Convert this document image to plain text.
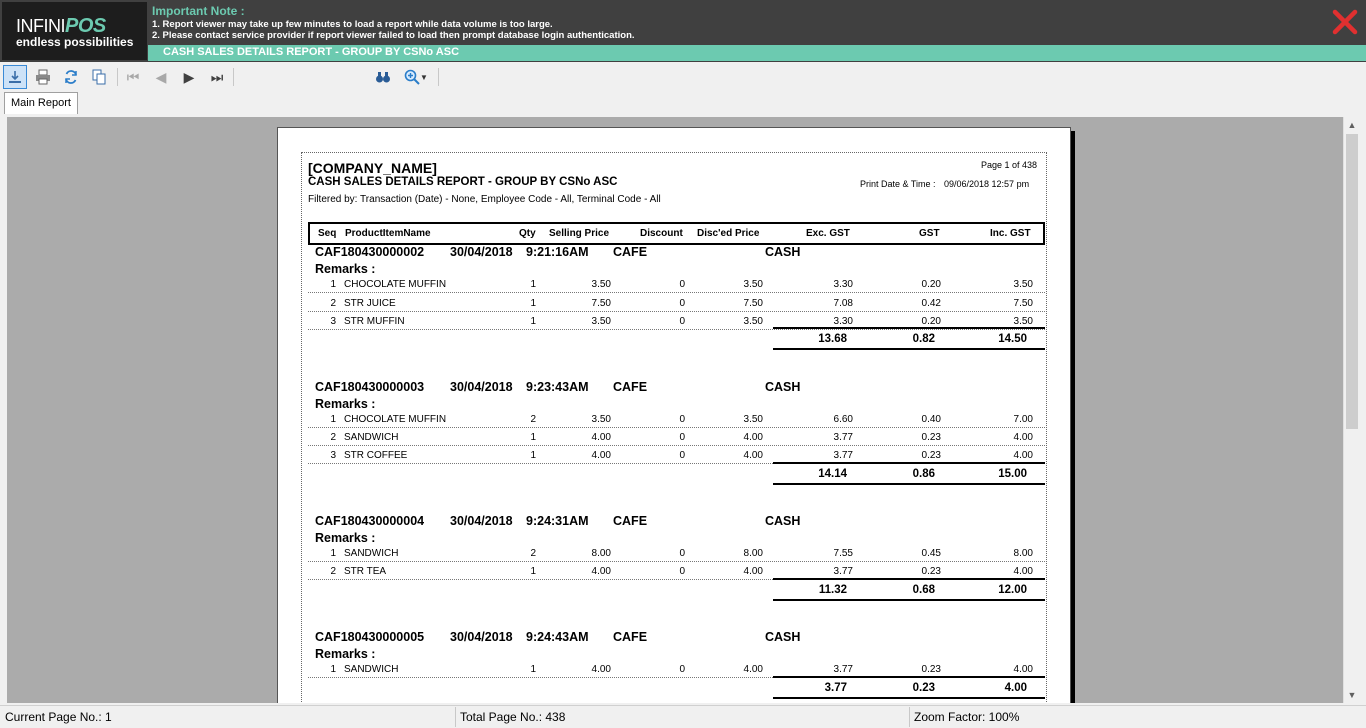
INFINIPOS
endless possibilities
Important Note :
1. Report viewer may take up few minutes to load a report while data volume is too large.
2. Please contact service provider if report viewer failed to load then prompt database login authentication.
CASH SALES DETAILS REPORT - GROUP BY CSNo ASC
⏮ ◀ ▶ ⏭
1	▼
Main Report
[COMPANY_NAME]
CASH SALES DETAILS REPORT - GROUP BY CSNo ASC
Filtered by: Transaction (Date) - None, Employee Code - All, Terminal Code - All
Page 1 of 438
Print Date & Time : 09/06/2018 12:57 pm
Seq ProductItemName	Qty Selling Price	Discount Disc'ed Price	Exc. GST	GST	Inc. GST
CAF180430000002 30/04/2018 9:21:16AM CAFE	CASH
Remarks :
1 CHOCOLATE MUFFIN	1	3.50	0	3.50	3.30	0.20	3.50
2 STR JUICE	1	7.50	0	7.50	7.08	0.42	7.50
3 STR MUFFIN	1	3.50	0	3.50	3.30	0.20	3.50
13.68	0.82	14.50
CAF180430000003 30/04/2018 9:23:43AM CAFE	CASH
Remarks :
1 CHOCOLATE MUFFIN	2	3.50	0	3.50	6.60	0.40	7.00
2 SANDWICH	1	4.00	0	4.00	3.77	0.23	4.00
3 STR COFFEE	1	4.00	0	4.00	3.77	0.23	4.00
14.14	0.86	15.00
CAF180430000004 30/04/2018 9:24:31AM CAFE	CASH
Remarks :
1 SANDWICH	2	8.00	0	8.00	7.55	0.45	8.00
2 STR TEA	1	4.00	0	4.00	3.77	0.23	4.00
11.32	0.68	12.00
CAF180430000005 30/04/2018 9:24:43AM CAFE	CASH
Remarks :
1 SANDWICH	1	4.00	0	4.00	3.77	0.23	4.00
3.77	0.23	4.00
▲
▼
Current Page No.: 1	Total Page No.: 438	Zoom Factor: 100%
